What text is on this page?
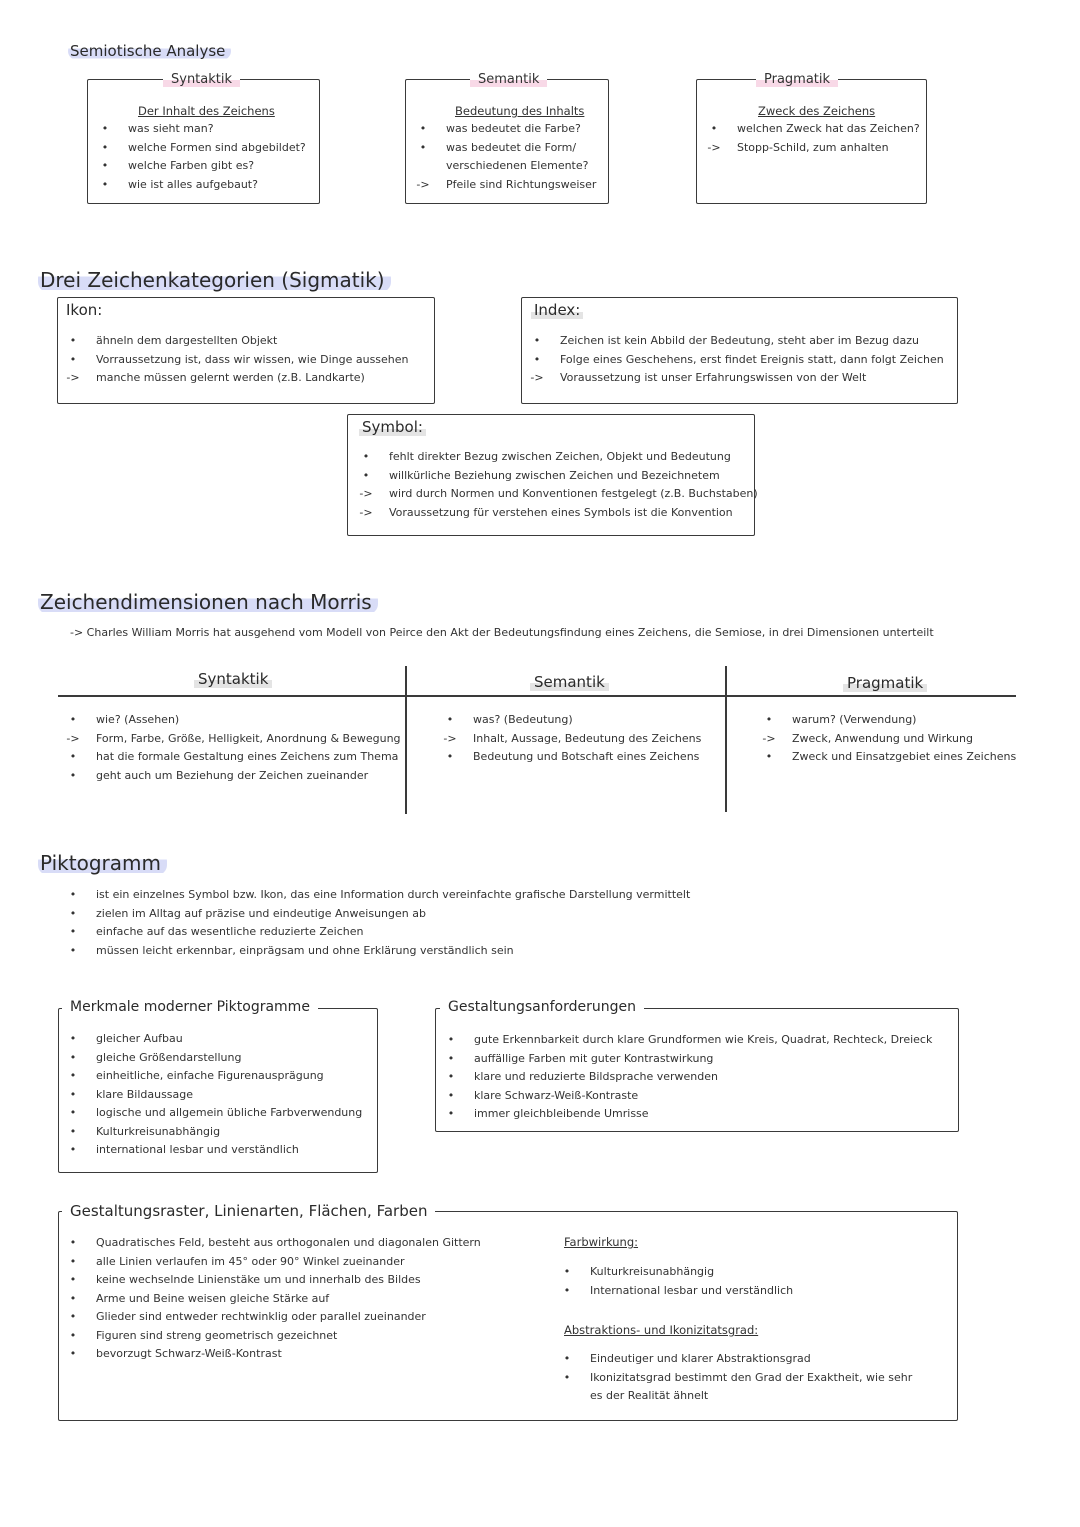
Semiotische Analyse
Syntaktik
Der Inhalt des Zeichens
• was sieht man?
• welche Formen sind abgebildet?
• welche Farben gibt es?
• wie ist alles aufgebaut?
Semantik
Bedeutung des Inhalts
• was bedeutet die Farbe?
• was bedeutet die Form/
verschiedenen Elemente?
-> Pfeile sind Richtungsweiser
Pragmatik
Zweck des Zeichens
• welchen Zweck hat das Zeichen?
-> Stopp-Schild, zum anhalten
Drei Zeichenkategorien (Sigmatik)
Ikon:
• ähneln dem dargestellten Objekt
• Vorraussetzung ist, dass wir wissen, wie Dinge aussehen
-> manche müssen gelernt werden (z.B. Landkarte)
Index:
• Zeichen ist kein Abbild der Bedeutung, steht aber im Bezug dazu
• Folge eines Geschehens, erst findet Ereignis statt, dann folgt Zeichen
-> Voraussetzung ist unser Erfahrungswissen von der Welt
Symbol:
• fehlt direkter Bezug zwischen Zeichen, Objekt und Bedeutung
• willkürliche Beziehung zwischen Zeichen und Bezeichnetem
-> wird durch Normen und Konventionen festgelegt (z.B. Buchstaben)
-> Voraussetzung für verstehen eines Symbols ist die Konvention
Zeichendimensionen nach Morris
-> Charles William Morris hat ausgehend vom Modell von Peirce den Akt der Bedeutungsfindung eines Zeichens, die Semiose, in drei Dimensionen unterteilt
Syntaktik	Semantik	Pragmatik
• wie? (Assehen)
-> Form, Farbe, Größe, Helligkeit, Anordnung & Bewegung
• hat die formale Gestaltung eines Zeichens zum Thema
• geht auch um Beziehung der Zeichen zueinander
• was? (Bedeutung)
-> Inhalt, Aussage, Bedeutung des Zeichens
• Bedeutung und Botschaft eines Zeichens
• warum? (Verwendung)
-> Zweck, Anwendung und Wirkung
• Zweck und Einsatzgebiet eines Zeichens
Piktogramm
• ist ein einzelnes Symbol bzw. Ikon, das eine Information durch vereinfachte grafische Darstellung vermittelt
• zielen im Alltag auf präzise und eindeutige Anweisungen ab
• einfache auf das wesentliche reduzierte Zeichen
• müssen leicht erkennbar, einprägsam und ohne Erklärung verständlich sein
Merkmale moderner Piktogramme
• gleicher Aufbau
• gleiche Größendarstellung
• einheitliche, einfache Figurenausprägung
• klare Bildaussage
• logische und allgemein übliche Farbverwendung
• Kulturkreisunabhängig
• international lesbar und verständlich
Gestaltungsanforderungen
• gute Erkennbarkeit durch klare Grundformen wie Kreis, Quadrat, Rechteck, Dreieck
• auffällige Farben mit guter Kontrastwirkung
• klare und reduzierte Bildsprache verwenden
• klare Schwarz-Weiß-Kontraste
• immer gleichbleibende Umrisse
Gestaltungsraster, Linienarten, Flächen, Farben
• Quadratisches Feld, besteht aus orthogonalen und diagonalen Gittern
• alle Linien verlaufen im 45° oder 90° Winkel zueinander
• keine wechselnde Linienstäke um und innerhalb des Bildes
• Arme und Beine weisen gleiche Stärke auf
• Glieder sind entweder rechtwinklig oder parallel zueinander
• Figuren sind streng geometrisch gezeichnet
• bevorzugt Schwarz-Weiß-Kontrast
Farbwirkung:
• Kulturkreisunabhängig
• International lesbar und verständlich
Abstraktions- und Ikonizitatsgrad:
• Eindeutiger und klarer Abstraktionsgrad
• Ikonizitatsgrad bestimmt den Grad der Exaktheit, wie sehr
es der Realität ähnelt
